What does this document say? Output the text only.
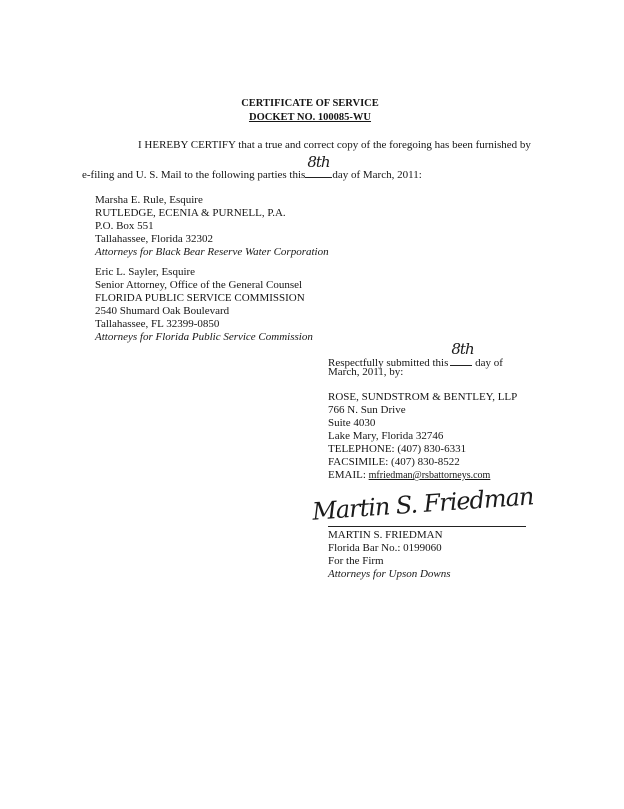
CERTIFICATE OF SERVICE
DOCKET NO. 100085-WU
I HEREBY CERTIFY that a true and correct copy of the foregoing has been furnished by
e-filing and U. S. Mail to the following parties this
8th
day of March, 2011:
Marsha E. Rule, Esquire
RUTLEDGE, ECENIA & PURNELL, P.A.
P.O. Box 551
Tallahassee, Florida 32302
Attorneys for Black Bear Reserve Water Corporation
Eric L. Sayler, Esquire
Senior Attorney, Office of the General Counsel
FLORIDA PUBLIC SERVICE COMMISSION
2540 Shumard Oak Boulevard
Tallahassee, FL 32399-0850
Attorneys for Florida Public Service Commission
Respectfully submitted this
8th
day of
March, 2011, by:
ROSE, SUNDSTROM & BENTLEY, LLP
766 N. Sun Drive
Suite 4030
Lake Mary, Florida 32746
TELEPHONE: (407) 830-6331
FACSIMILE: (407) 830-8522
EMAIL: mfriedman@rsbattorneys.com
Martin S. Friedman
MARTIN S. FRIEDMAN
Florida Bar No.: 0199060
For the Firm
Attorneys for Upson Downs
